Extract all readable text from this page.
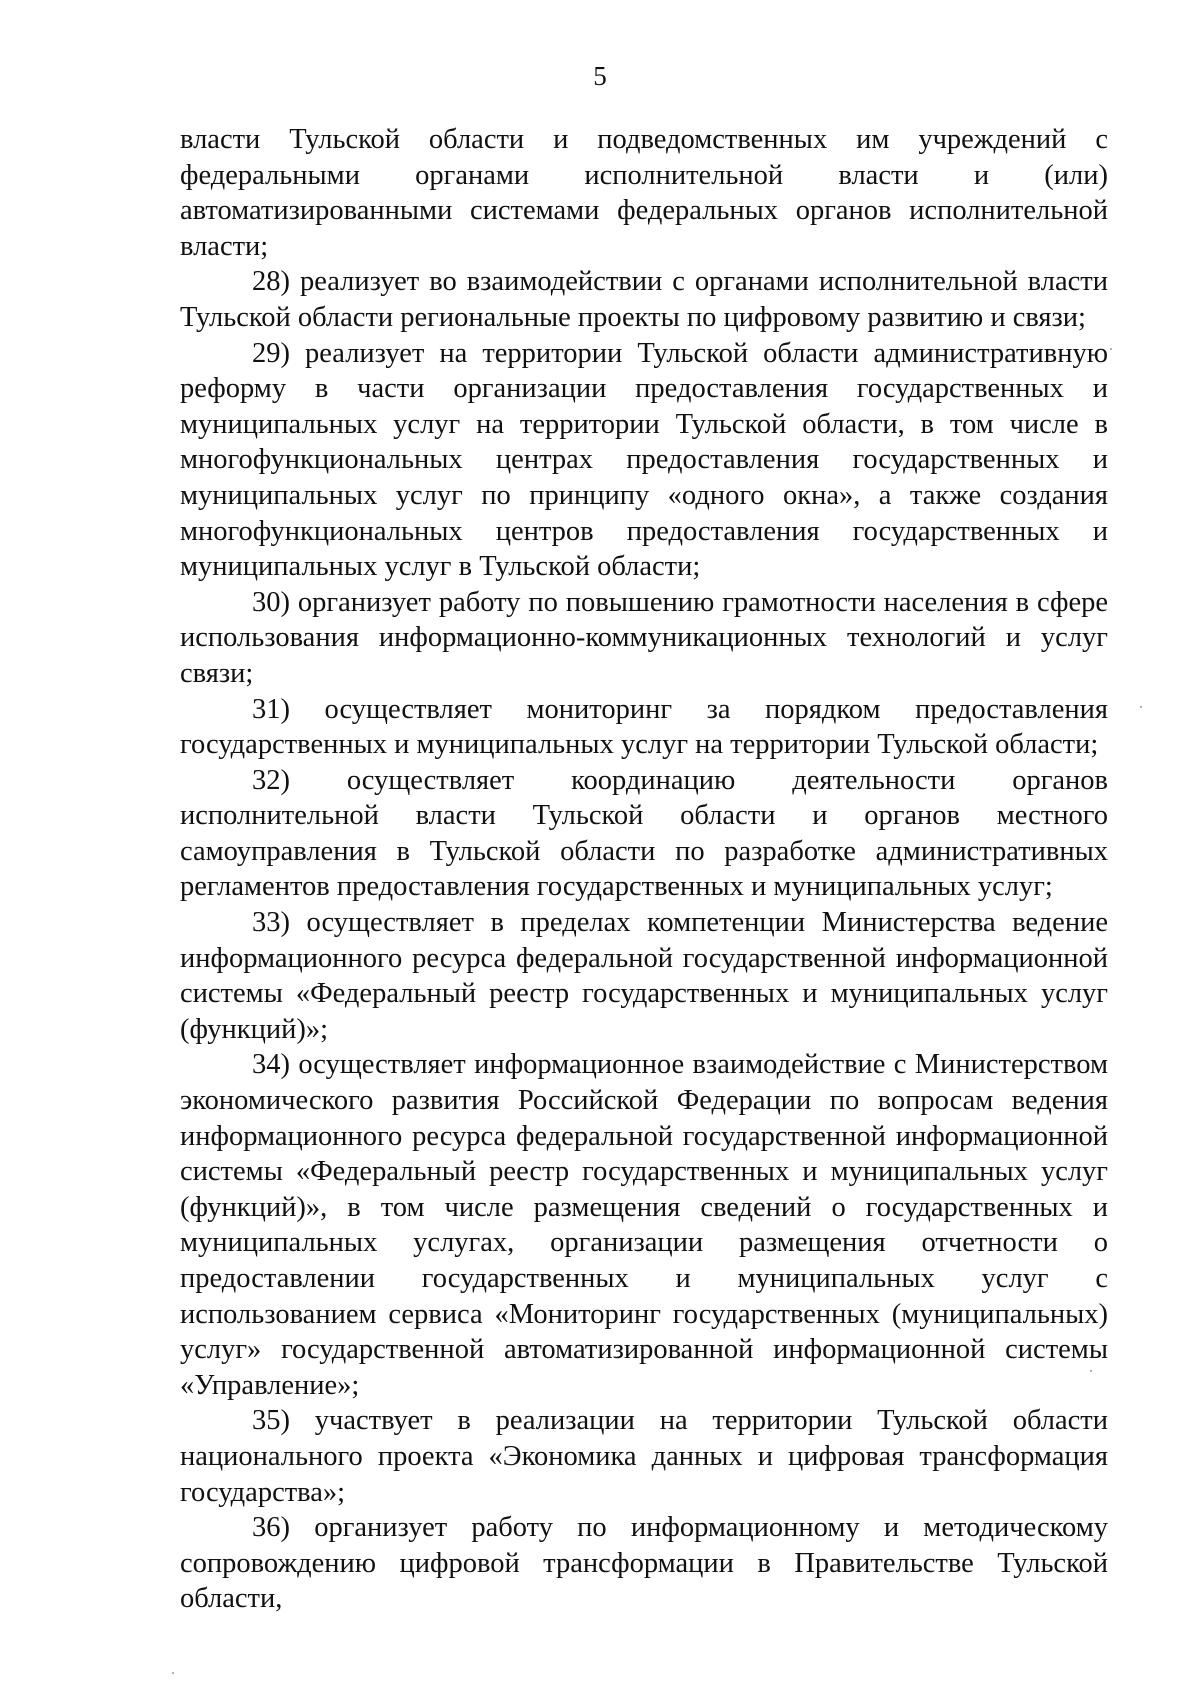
5

власти Тульской области и подведомственных им учреждений с федеральными органами исполнительной власти и (или) автоматизированными системами федеральных органов исполнительной власти;

28) реализует во взаимодействии с органами исполнительной власти Тульской области региональные проекты по цифровому развитию и связи;

29) реализует на территории Тульской области административную реформу в части организации предоставления государственных и муниципальных услуг на территории Тульской области, в том числе в многофункциональных центрах предоставления государственных и муниципальных услуг по принципу «одного окна», а также создания многофункциональных центров предоставления государственных и муниципальных услуг в Тульской области;

30) организует работу по повышению грамотности населения в сфере использования информационно-коммуникационных технологий и услуг связи;

31) осуществляет мониторинг за порядком предоставления государственных и муниципальных услуг на территории Тульской области;

32) осуществляет координацию деятельности органов исполнительной власти Тульской области и органов местного самоуправления в Тульской области по разработке административных регламентов предоставления государственных и муниципальных услуг;

33) осуществляет в пределах компетенции Министерства ведение информационного ресурса федеральной государственной информационной системы «Федеральный реестр государственных и муниципальных услуг (функций)»;

34) осуществляет информационное взаимодействие с Министерством экономического развития Российской Федерации по вопросам ведения информационного ресурса федеральной государственной информационной системы «Федеральный реестр государственных и муниципальных услуг (функций)», в том числе размещения сведений о государственных и муниципальных услугах, организации размещения отчетности о предоставлении государственных и муниципальных услуг с использованием сервиса «Мониторинг государственных (муниципальных) услуг» государственной автоматизированной информационной системы «Управление»;

35) участвует в реализации на территории Тульской области национального проекта «Экономика данных и цифровая трансформация государства»;

36) организует работу по информационному и методическому сопровождению цифровой трансформации в Правительстве Тульской области,
